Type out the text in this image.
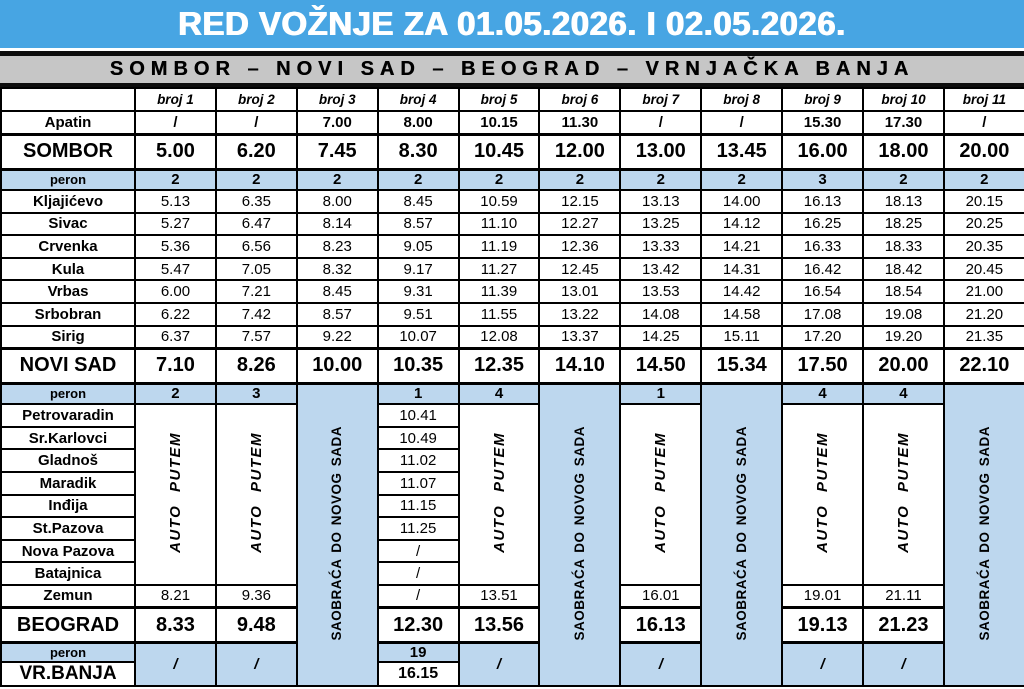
RED VOŽNJE ZA 01.05.2026. I 02.05.2026.
SOMBOR – NOVI SAD – BEOGRAD – VRNJAČKA BANJA
	broj 1	broj 2	broj 3	broj 4	broj 5	broj 6	broj 7	broj 8	broj 9	broj 10	broj 11
Apatin	/	/	7.00	8.00	10.15	11.30	/	/	15.30	17.30	/
SOMBOR	5.00	6.20	7.45	8.30	10.45	12.00	13.00	13.45	16.00	18.00	20.00
peron	2	2	2	2	2	2	2	2	3	2	2
Kljajićevo	5.13	6.35	8.00	8.45	10.59	12.15	13.13	14.00	16.13	18.13	20.15
Sivac	5.27	6.47	8.14	8.57	11.10	12.27	13.25	14.12	16.25	18.25	20.25
Crvenka	5.36	6.56	8.23	9.05	11.19	12.36	13.33	14.21	16.33	18.33	20.35
Kula	5.47	7.05	8.32	9.17	11.27	12.45	13.42	14.31	16.42	18.42	20.45
Vrbas	6.00	7.21	8.45	9.31	11.39	13.01	13.53	14.42	16.54	18.54	21.00
Srbobran	6.22	7.42	8.57	9.51	11.55	13.22	14.08	14.58	17.08	19.08	21.20
Sirig	6.37	7.57	9.22	10.07	12.08	13.37	14.25	15.11	17.20	19.20	21.35
NOVI SAD	7.10	8.26	10.00	10.35	12.35	14.10	14.50	15.34	17.50	20.00	22.10
peron	2	3	SAOBRAĆA DO NOVOG SADA	1	4	SAOBRAĆA DO NOVOG SADA	1	SAOBRAĆA DO NOVOG SADA	4	4	SAOBRAĆA DO NOVOG SADA
Petrovaradin	AUTO PUTEM	AUTO PUTEM		10.41	AUTO PUTEM		AUTO PUTEM		AUTO PUTEM	AUTO PUTEM	
Sr.Karlovci				10.49							
Gladnoš				11.02							
Maradik				11.07							
Inđija				11.15							
St.Pazova				11.25							
Nova Pazova				/							
Batajnica				/							
Zemun	8.21	9.36		/	13.51		16.01		19.01	21.11	
BEOGRAD	8.33	9.48		12.30	13.56		16.13		19.13	21.23	
peron	/	/		19	/		/		/	/	
VR.BANJA				16.15							
